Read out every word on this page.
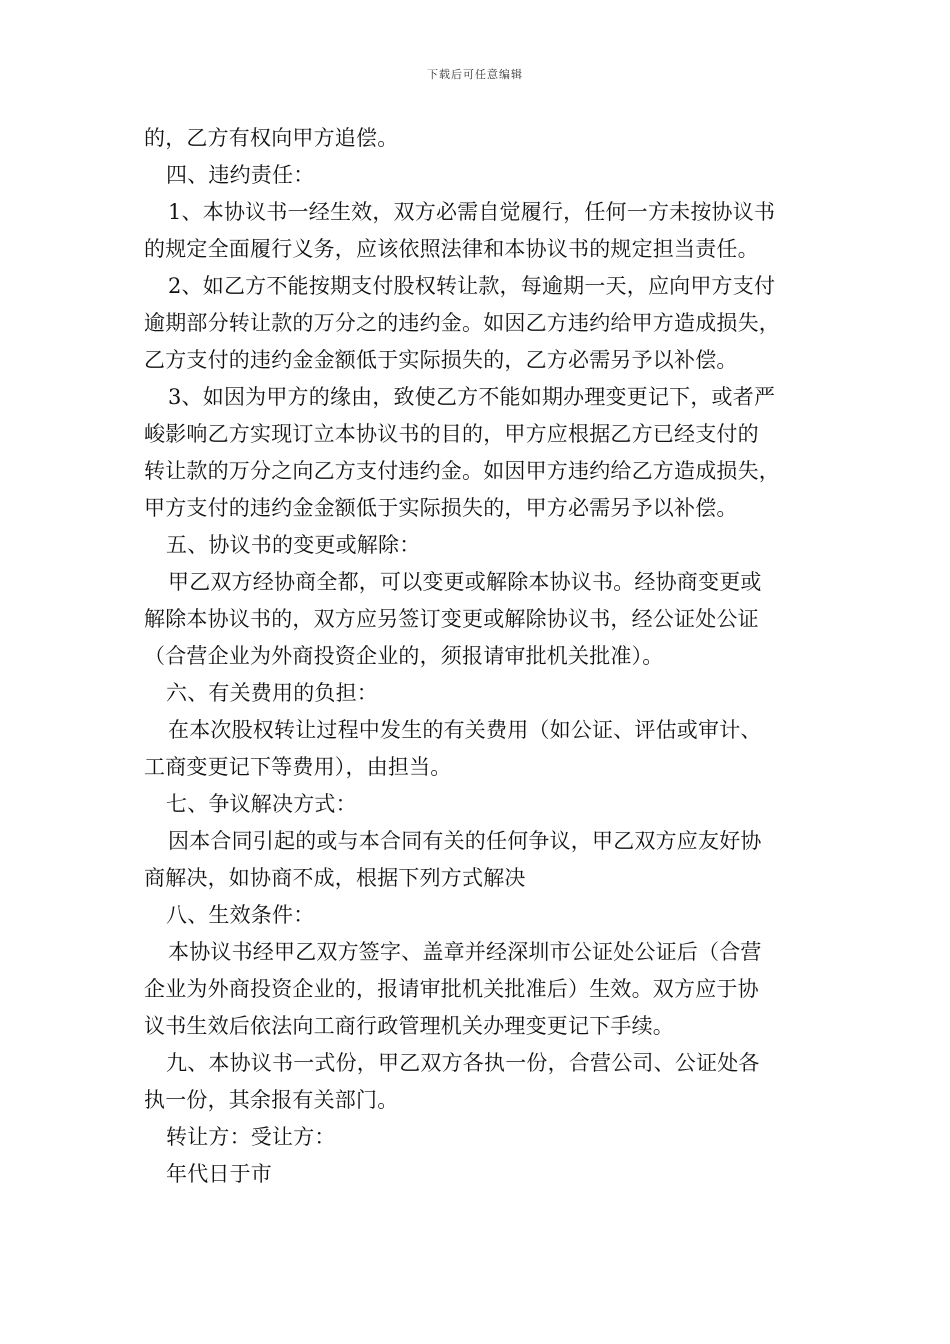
下载后可任意编辑
的，乙方有权向甲方追偿。
四、违约责任：
1、本协议书一经生效，双方必需自觉履行，任何一方未按协议书
的规定全面履行义务，应该依照法律和本协议书的规定担当责任。
2、如乙方不能按期支付股权转让款，每逾期一天，应向甲方支付
逾期部分转让款的万分之的违约金。如因乙方违约给甲方造成损失，
乙方支付的违约金金额低于实际损失的，乙方必需另予以补偿。
3、如因为甲方的缘由，致使乙方不能如期办理变更记下，或者严
峻影响乙方实现订立本协议书的目的，甲方应根据乙方已经支付的
转让款的万分之向乙方支付违约金。如因甲方违约给乙方造成损失，
甲方支付的违约金金额低于实际损失的，甲方必需另予以补偿。
五、协议书的变更或解除：
甲乙双方经协商全都，可以变更或解除本协议书。经协商变更或
解除本协议书的，双方应另签订变更或解除协议书，经公证处公证
（合营企业为外商投资企业的，须报请审批机关批准）。
六、有关费用的负担：
在本次股权转让过程中发生的有关费用（如公证、评估或审计、
工商变更记下等费用），由担当。
七、争议解决方式：
因本合同引起的或与本合同有关的任何争议，甲乙双方应友好协
商解决，如协商不成，根据下列方式解决
八、生效条件：
本协议书经甲乙双方签字、盖章并经深圳市公证处公证后（合营
企业为外商投资企业的，报请审批机关批准后）生效。双方应于协
议书生效后依法向工商行政管理机关办理变更记下手续。
九、本协议书一式份，甲乙双方各执一份，合营公司、公证处各
执一份，其余报有关部门。
转让方：受让方：
年代日于市
